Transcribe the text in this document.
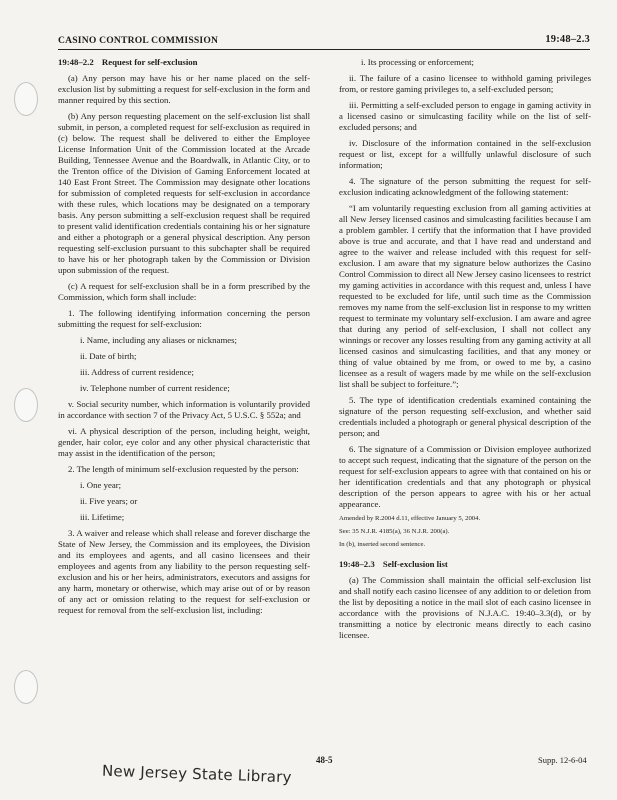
CASINO CONTROL COMMISSION	19:48–2.3

19:48–2.2 Request for self-exclusion

(a) Any person may have his or her name placed on the self-exclusion list by submitting a request for self-exclusion in the form and manner required by this section.

(b) Any person requesting placement on the self-exclusion list shall submit, in person, a completed request for self-exclusion as required in (c) below. The request shall be delivered to either the Employee License Information Unit of the Commission located at the Arcade Building, Tennessee Avenue and the Boardwalk, in Atlantic City, or to the Trenton office of the Division of Gaming Enforcement located at 140 East Front Street. The Commission may designate other locations for submission of completed requests for self-exclusion in accordance with these rules, which locations may be designated on a temporary basis. Any person submitting a self-exclusion request shall be required to present valid identification credentials containing his or her signature and either a photograph or a general physical description. Any person requesting self-exclusion pursuant to this subchapter shall be required to have his or her photograph taken by the Commission or Division upon submission of the request.

(c) A request for self-exclusion shall be in a form prescribed by the Commission, which form shall include:

1. The following identifying information concerning the person submitting the request for self-exclusion:

i. Name, including any aliases or nicknames;

ii. Date of birth;

iii. Address of current residence;

iv. Telephone number of current residence;

v. Social security number, which information is voluntarily provided in accordance with section 7 of the Privacy Act, 5 U.S.C. § 552a; and

vi. A physical description of the person, including height, weight, gender, hair color, eye color and any other physical characteristic that may assist in the identification of the person;

2. The length of minimum self-exclusion requested by the person:

i. One year;

ii. Five years; or

iii. Lifetime;

3. A waiver and release which shall release and forever discharge the State of New Jersey, the Commission and its employees, the Division and its employees and agents, and all casino licensees and their employees and agents from any liability to the person requesting self-exclusion and his or her heirs, administrators, executors and assigns for any harm, monetary or otherwise, which may arise out of or by reason of any act or omission relating to the request for self-exclusion or request for removal from the self-exclusion list, including:

i. Its processing or enforcement;

ii. The failure of a casino licensee to withhold gaming privileges from, or restore gaming privileges to, a self-excluded person;

iii. Permitting a self-excluded person to engage in gaming activity in a licensed casino or simulcasting facility while on the list of self-excluded persons; and

iv. Disclosure of the information contained in the self-exclusion request or list, except for a willfully unlawful disclosure of such information;

4. The signature of the person submitting the request for self-exclusion indicating acknowledgment of the following statement:

“I am voluntarily requesting exclusion from all gaming activities at all New Jersey licensed casinos and simulcasting facilities because I am a problem gambler. I certify that the information that I have provided above is true and accurate, and that I have read and understand and agree to the waiver and release included with this request for self-exclusion. I am aware that my signature below authorizes the Casino Control Commission to direct all New Jersey casino licensees to restrict my gaming activities in accordance with this request and, unless I have requested to be excluded for life, until such time as the Commission removes my name from the self-exclusion list in response to my written request to terminate my voluntary self-exclusion. I am aware and agree that during any period of self-exclusion, I shall not collect any winnings or recover any losses resulting from any gaming activity at all licensed casinos and simulcasting facilities, and that any money or thing of value obtained by me from, or owed to me by, a casino licensee as a result of wagers made by me while on the self-exclusion list shall be subject to forfeiture.”;

5. The type of identification credentials examined containing the signature of the person requesting self-exclusion, and whether said credentials included a photograph or general physical description of the person; and

6. The signature of a Commission or Division employee authorized to accept such request, indicating that the signature of the person on the request for self-exclusion appears to agree with that contained on his or her identification credentials and that any photograph or physical description of the person appears to agree with his or her actual appearance.

Amended by R.2004 d.11, effective January 5, 2004.

See: 35 N.J.R. 4185(a), 36 N.J.R. 200(a).

In (b), inserted second sentence.

19:48–2.3 Self-exclusion list

(a) The Commission shall maintain the official self-exclusion list and shall notify each casino licensee of any addition to or deletion from the list by depositing a notice in the mail slot of each casino licensee in accordance with the provisions of N.J.A.C. 19:40–3.3(d), or by transmitting a notice by electronic means directly to each casino licensee.

48-5	Supp. 12-6-04
New Jersey State Library
